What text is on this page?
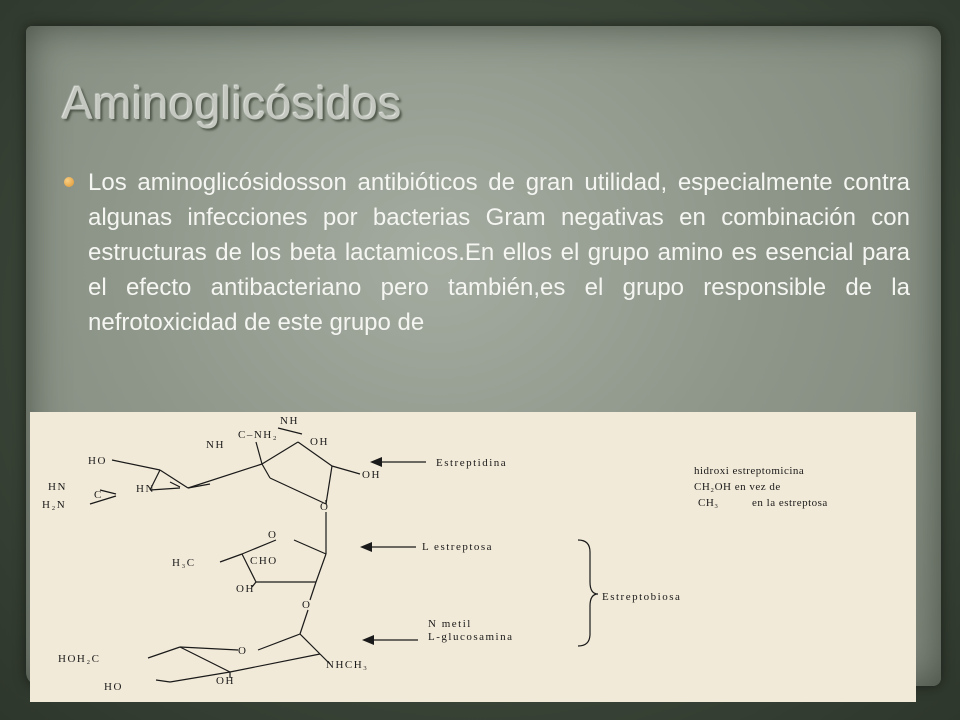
Aminoglicósidos

Los aminoglicósidosson antibióticos de gran utilidad, especialmente contra algunas infecciones por bacterias Gram negativas en combinación con estructuras de los beta lactamicos.En ellos el grupo amino es esencial para el efecto antibacteriano pero también,es el grupo responsible de la nefrotoxicidad de este grupo de

NH
C–NH₂
NH	OH
HO
OH
HN
C	HN
H₂N	O
O
H₃C	CHO
OH
O
O
HOH₂C	NHCH₃
HO	OH
Estreptidina
L estreptosa
Estreptobiosa
N metil
L-glucosamina
hidroxi estreptomicina
CH₂OH en vez de
CH₃	en la estreptosa
